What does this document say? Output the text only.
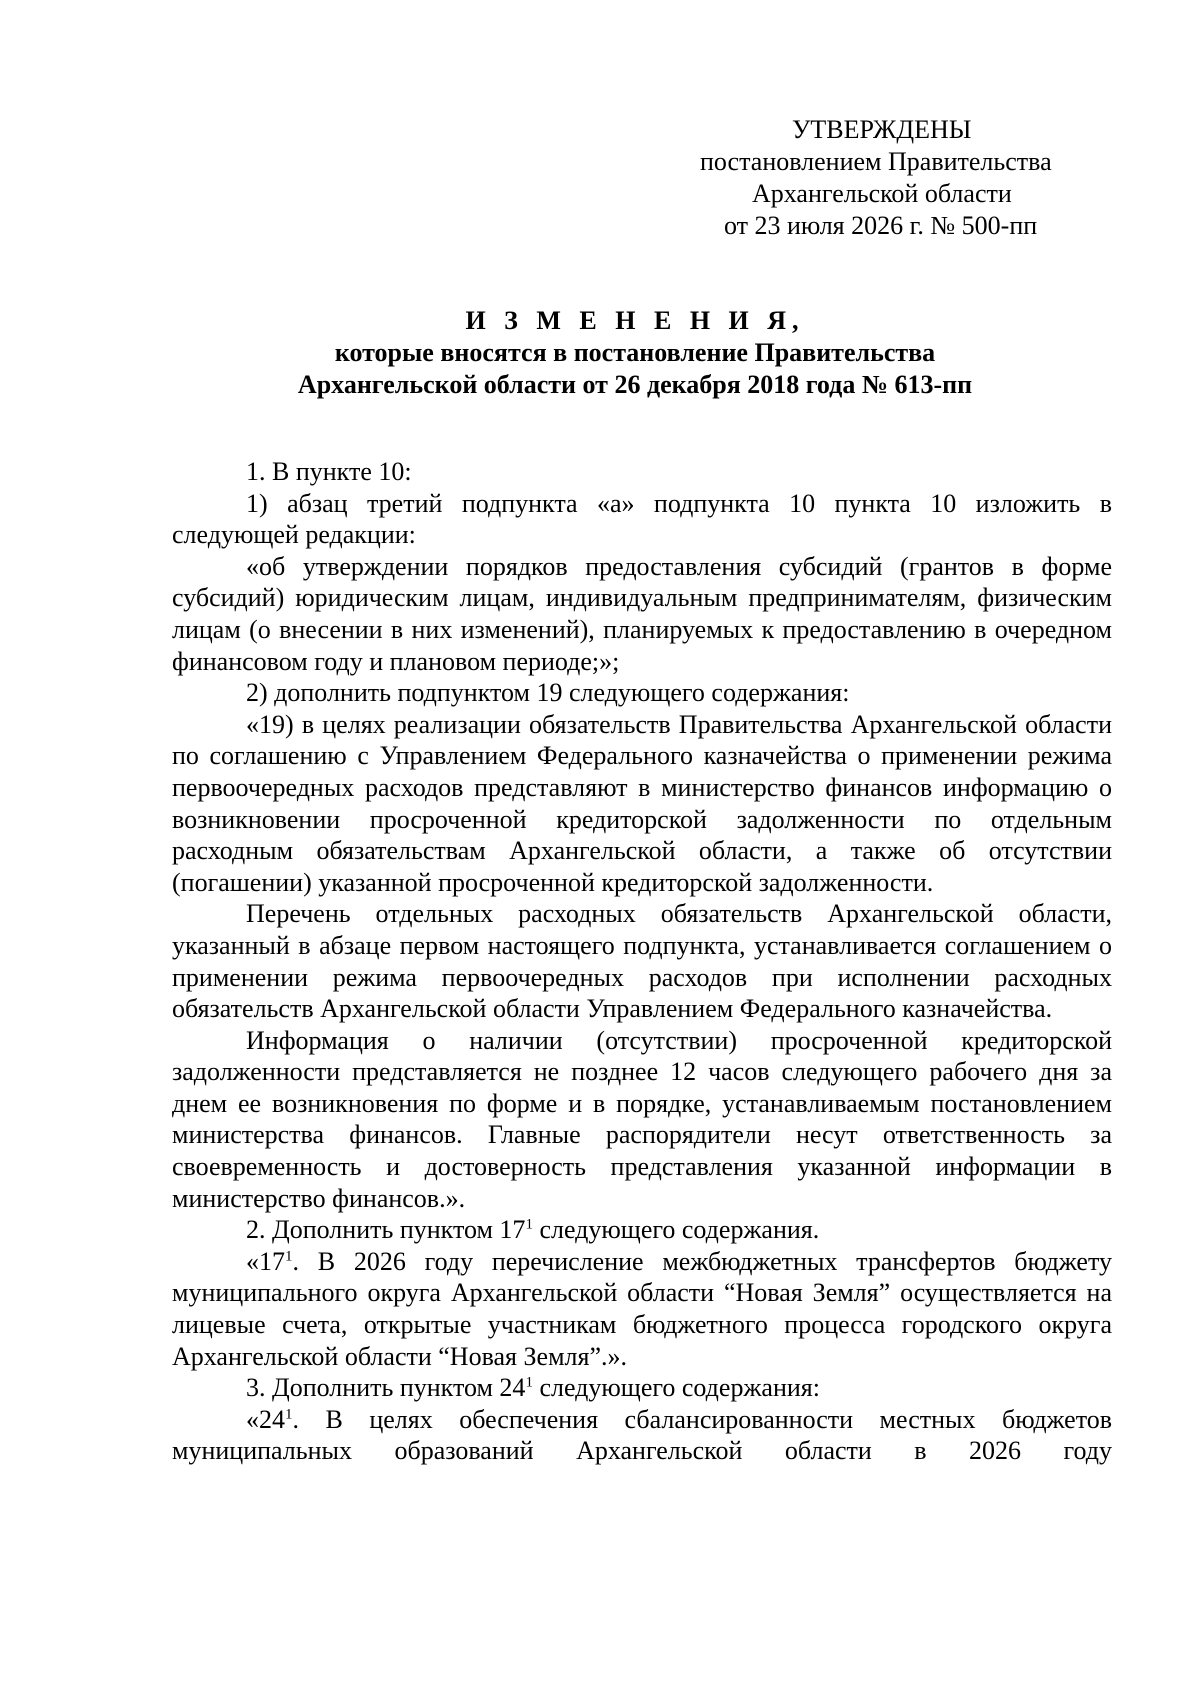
УТВЕРЖДЕНЫ
постановлением Правительства
Архангельской области
от 23 июля 2026 г. № 500-пп
И З М Е Н Е Н И Я,
которые вносятся в постановление Правительства
Архангельской области от 26 декабря 2018 года № 613-пп

1. В пункте 10:

1) абзац третий подпункта «а» подпункта 10 пункта 10 изложить в следующей редакции:

«об утверждении порядков предоставления субсидий (грантов в форме субсидий) юридическим лицам, индивидуальным предпринимателям, физическим лицам (о внесении в них изменений), планируемых к предоставлению в очередном финансовом году и плановом периоде;»;

2) дополнить подпунктом 19 следующего содержания:

«19) в целях реализации обязательств Правительства Архангельской области по соглашению с Управлением Федерального казначейства о применении режима первоочередных расходов представляют в министерство финансов информацию о возникновении просроченной кредиторской задолженности по отдельным расходным обязательствам Архангельской области, а также об отсутствии (погашении) указанной просроченной кредиторской задолженности.

Перечень отдельных расходных обязательств Архангельской области, указанный в абзаце первом настоящего подпункта, устанавливается соглашением о применении режима первоочередных расходов при исполнении расходных обязательств Архангельской области Управлением Федерального казначейства.

Информация о наличии (отсутствии) просроченной кредиторской задолженности представляется не позднее 12 часов следующего рабочего дня за днем ее возникновения по форме и в порядке, устанавливаемым постановлением министерства финансов. Главные распорядители несут ответственность за своевременность и достоверность представления указанной информации в министерство финансов.».

2. Дополнить пунктом $17^1$ следующего содержания.

«$17^1$. В 2026 году перечисление межбюджетных трансфертов бюджету муниципального округа Архангельской области “Новая Земля” осуществляется на лицевые счета, открытые участникам бюджетного процесса городского округа Архангельской области “Новая Земля”.».

3. Дополнить пунктом $24^1$ следующего содержания:

«$24^1$. В целях обеспечения сбалансированности местных бюджетов муниципальных образований Архангельской области в 2026 году
